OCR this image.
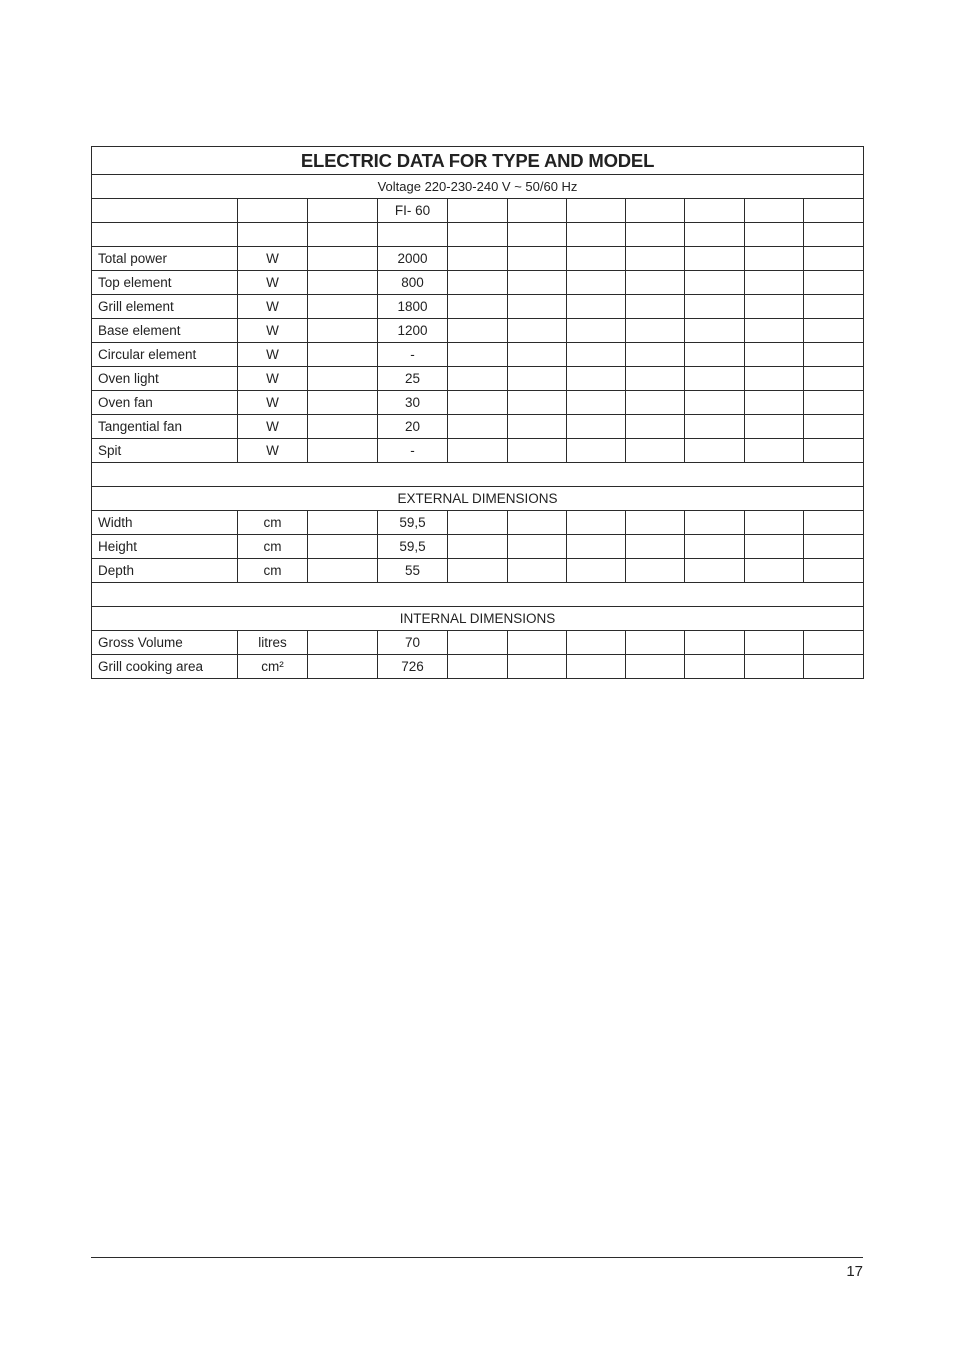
ELECTRIC DATA FOR TYPE AND MODEL										
Voltage 220-230-240 V ~ 50/60 Hz										
			FI- 60							

Total power	W		2000							
Top element	W		800							
Grill element	W		1800							
Base element	W		1200							
Circular element	W		-							
Oven light	W		25							
Oven fan	W		30							
Tangential fan	W		20							
Spit	W		-							

EXTERNAL DIMENSIONS										
Width	cm		59,5							
Height	cm		59,5							
Depth	cm		55							

INTERNAL DIMENSIONS										
Gross Volume	litres		70							
Grill cooking area	cm²		726							
17
